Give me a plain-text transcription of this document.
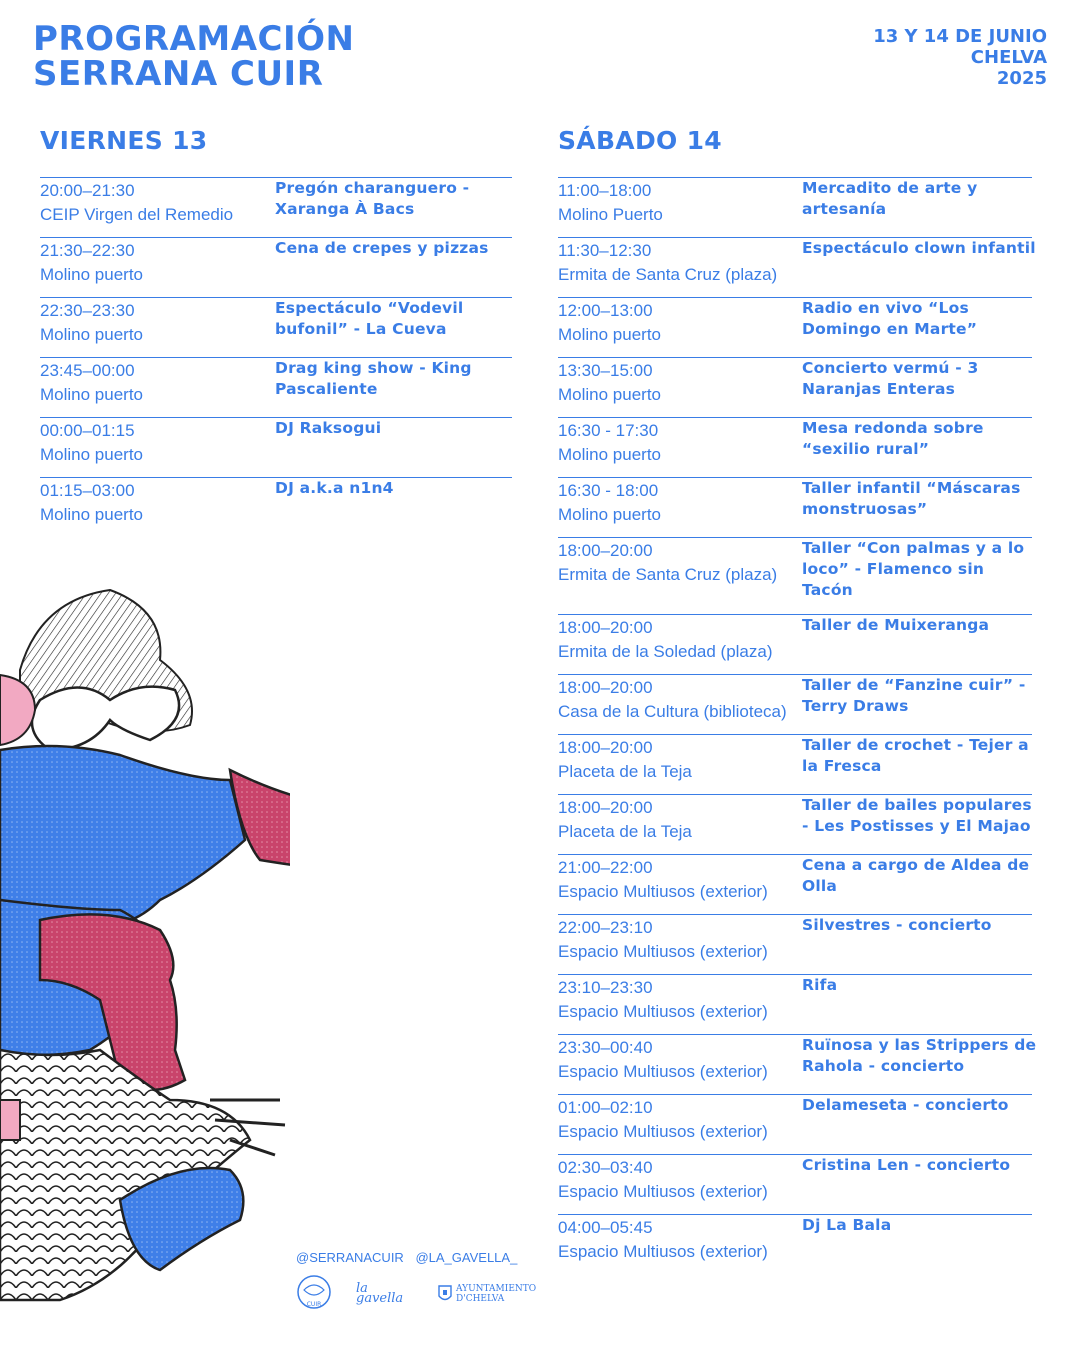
PROGRAMACIÓN
SERRANA CUIR
13 Y 14 DE JUNIO
CHELVA
2025
VIERNES 13	SÁBADO 14
20:00–21:30
CEIP Virgen del Remedio
Pregón charanguero - Xaranga À Bacs
21:30–22:30
Molino puerto
Cena de crepes y pizzas
22:30–23:30
Molino puerto
Espectáculo “Vodevil bufonil” - La Cueva
23:45–00:00
Molino puerto
Drag king show - King Pascaliente
00:00–01:15
Molino puerto
DJ Raksogui
01:15–03:00
Molino puerto
DJ a.k.a n1n4
11:00–18:00
Molino Puerto
Mercadito de arte y artesanía
11:30–12:30
Ermita de Santa Cruz (plaza)
Espectáculo clown infantil
12:00–13:00
Molino puerto
Radio en vivo “Los Domingo en Marte”
13:30–15:00
Molino puerto
Concierto vermú - 3 Naranjas Enteras
16:30 - 17:30
Molino puerto
Mesa redonda sobre “sexilio rural”
16:30 - 18:00
Molino puerto
Taller infantil “Máscaras monstruosas”
18:00–20:00
Ermita de Santa Cruz (plaza)
Taller “Con palmas y a lo loco” - Flamenco sin Tacón
18:00–20:00
Ermita de la Soledad (plaza)
Taller de Muixeranga
18:00–20:00
Casa de la Cultura (biblioteca)
Taller de “Fanzine cuir” - Terry Draws
18:00–20:00
Placeta de la Teja
Taller de crochet - Tejer a la Fresca
18:00–20:00
Placeta de la Teja
Taller de bailes populares - Les Postisses y El Majao
21:00–22:00
Espacio Multiusos (exterior)
Cena a cargo de Aldea de Olla
22:00–23:10
Espacio Multiusos (exterior)
Silvestres - concierto
23:10–23:30
Espacio Multiusos (exterior)
Rifa
23:30–00:40
Espacio Multiusos (exterior)
Ruïnosa y las Strippers de Rahola - concierto
01:00–02:10
Espacio Multiusos (exterior)
Delameseta - concierto
02:30–03:40
Espacio Multiusos (exterior)
Cristina Len - concierto
04:00–05:45
Espacio Multiusos (exterior)
Dj La Bala
@SERRANACUIR @LA_GAVELLA_
CUIR
la gavella
AYUNTAMIENTO
D'CHELVA
